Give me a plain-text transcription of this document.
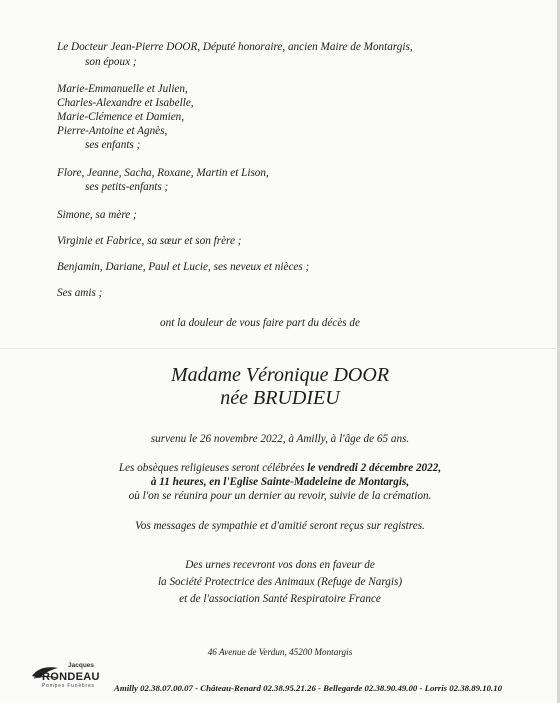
Le Docteur Jean-Pierre DOOR, Député honoraire, ancien Maire de Montargis,
son époux ;
Marie-Emmanuelle et Julien,
Charles-Alexandre et Isabelle,
Marie-Clémence et Damien,
Pierre-Antoine et Agnès,
ses enfants ;
Flore, Jeanne, Sacha, Roxane, Martin et Lison,
ses petits-enfants ;
Simone, sa mère ;
Virginie et Fabrice, sa sœur et son frère ;
Benjamin, Dariane, Paul et Lucie, ses neveux et nièces ;
Ses amis ;
ont la douleur de vous faire part du décès de
Madame Véronique DOOR
née BRUDIEU
survenu le 26 novembre 2022, à Amilly, à l'âge de 65 ans.
Les obsèques religieuses seront célébrées le vendredi 2 décembre 2022,
à 11 heures, en l'Eglise Sainte-Madeleine de Montargis,
où l'on se réunira pour un dernier au revoir, suivie de la crémation.
Vos messages de sympathie et d'amitié seront reçus sur registres.
Des urnes recevront vos dons en faveur de
la Société Protectrice des Animaux (Refuge de Nargis)
et de l'association Santé Respiratoire France
46 Avenue de Verdun, 45200 Montargis
Jacques
RONDEAU
Pompes Funèbres Amilly 02.38.07.00.07 - Château-Renard 02.38.95.21.26 - Bellegarde 02.38.90.49.00 - Lorris 02.38.89.10.10
